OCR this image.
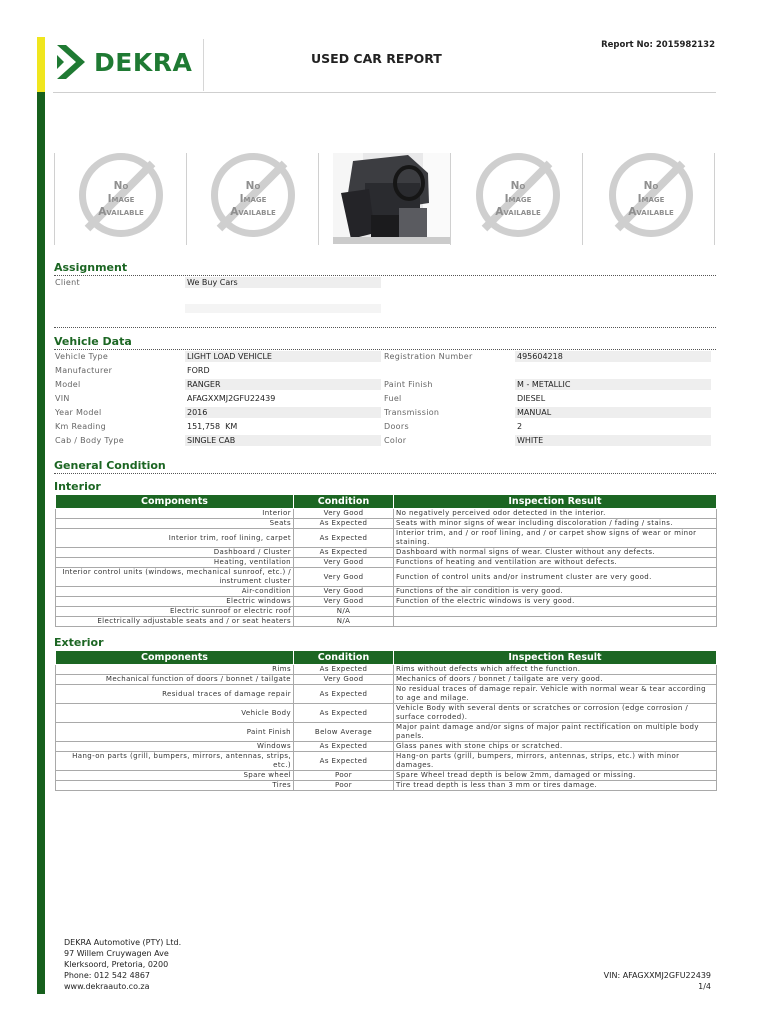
DEKRA	USED CAR REPORT
Report No: 2015982132
No
Image
Available
No
Image
Available
No
Image
Available
No
Image
Available
Assignment
Client	We Buy Cars
Vehicle Data
Vehicle Type	LIGHT LOAD VEHICLE
Manufacturer	FORD
Model	RANGER
VIN	AFAGXXMJ2GFU22439
Year Model	2016
Km Reading	151,758  KM
Cab / Body Type	SINGLE CAB
Registration Number	495604218
Paint Finish	M - METALLIC
Fuel	DIESEL
Transmission	MANUAL
Doors	2
Color	WHITE
General Condition
Interior
Components	Condition	Inspection Result
Interior	Very Good	No negatively perceived odor detected in the interior.
Seats	As Expected	Seats with minor signs of wear including discoloration / fading / stains.
Interior trim, roof lining, carpet	As Expected	Interior trim, and / or roof lining, and / or carpet show signs of wear or minor staining.
Dashboard / Cluster	As Expected	Dashboard with normal signs of wear. Cluster without any defects.
Heating, ventilation	Very Good	Functions of heating and ventilation are without defects.
Interior control units (windows, mechanical sunroof, etc.) / instrument cluster	Very Good	Function of control units and/or instrument cluster are very good.
Air-condition	Very Good	Functions of the air condition is very good.
Electric windows	Very Good	Function of the electric windows is very good.
Electric sunroof or electric roof	N/A	
Electrically adjustable seats and / or seat heaters	N/A	
Exterior
Components	Condition	Inspection Result
Rims	As Expected	Rims without defects which affect the function.
Mechanical function of doors / bonnet / tailgate	Very Good	Mechanics of doors / bonnet / tailgate are very good.
Residual traces of damage repair	As Expected	No residual traces of damage repair. Vehicle with normal wear & tear according to age and milage.
Vehicle Body	As Expected	Vehicle Body with several dents or scratches or corrosion (edge corrosion / surface corroded).
Paint Finish	Below Average	Major paint damage and/or signs of major paint rectification on multiple body panels.
Windows	As Expected	Glass panes with stone chips or scratched.
Hang-on parts (grill, bumpers, mirrors, antennas, strips, etc.)	As Expected	Hang-on parts (grill, bumpers, mirrors, antennas, strips, etc.) with minor damages.
Spare wheel	Poor	Spare Wheel tread depth is below 2mm, damaged or missing.
Tires	Poor	Tire tread depth is less than 3 mm or tires damage.
DEKRA Automotive (PTY) Ltd.
97 Willem Cruywagen Ave
Klerksoord, Pretoria, 0200
Phone: 012 542 4867
www.dekraauto.co.za
VIN: AFAGXXMJ2GFU22439
1/4
